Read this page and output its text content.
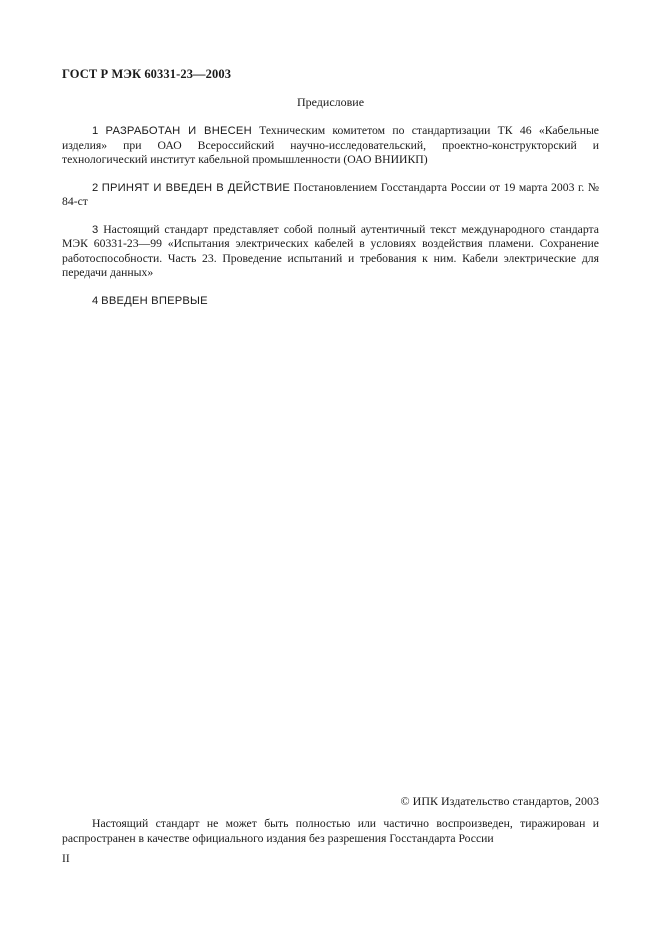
ГОСТ Р МЭК 60331-23—2003
Предисловие

1 РАЗРАБОТАН И ВНЕСЕН Техническим комитетом по стандартизации ТК 46 «Кабельные изделия» при ОАО Всероссийский научно-исследовательский, проектно-конструкторский и технологический институт кабельной промышленности (ОАО ВНИИКП)

2 ПРИНЯТ И ВВЕДЕН В ДЕЙСТВИЕ Постановлением Госстандарта России от 19 марта 2003 г. № 84-ст

3 Настоящий стандарт представляет собой полный аутентичный текст международного стандарта МЭК 60331-23—99 «Испытания электрических кабелей в условиях воздействия пламени. Сохранение работоспособности. Часть 23. Проведение испытаний и требования к ним. Кабели электрические для передачи данных»

4 ВВЕДЕН ВПЕРВЫЕ

© ИПК Издательство стандартов, 2003

Настоящий стандарт не может быть полностью или частично воспроизведен, тиражирован и распространен в качестве официального издания без разрешения Госстандарта России

II
